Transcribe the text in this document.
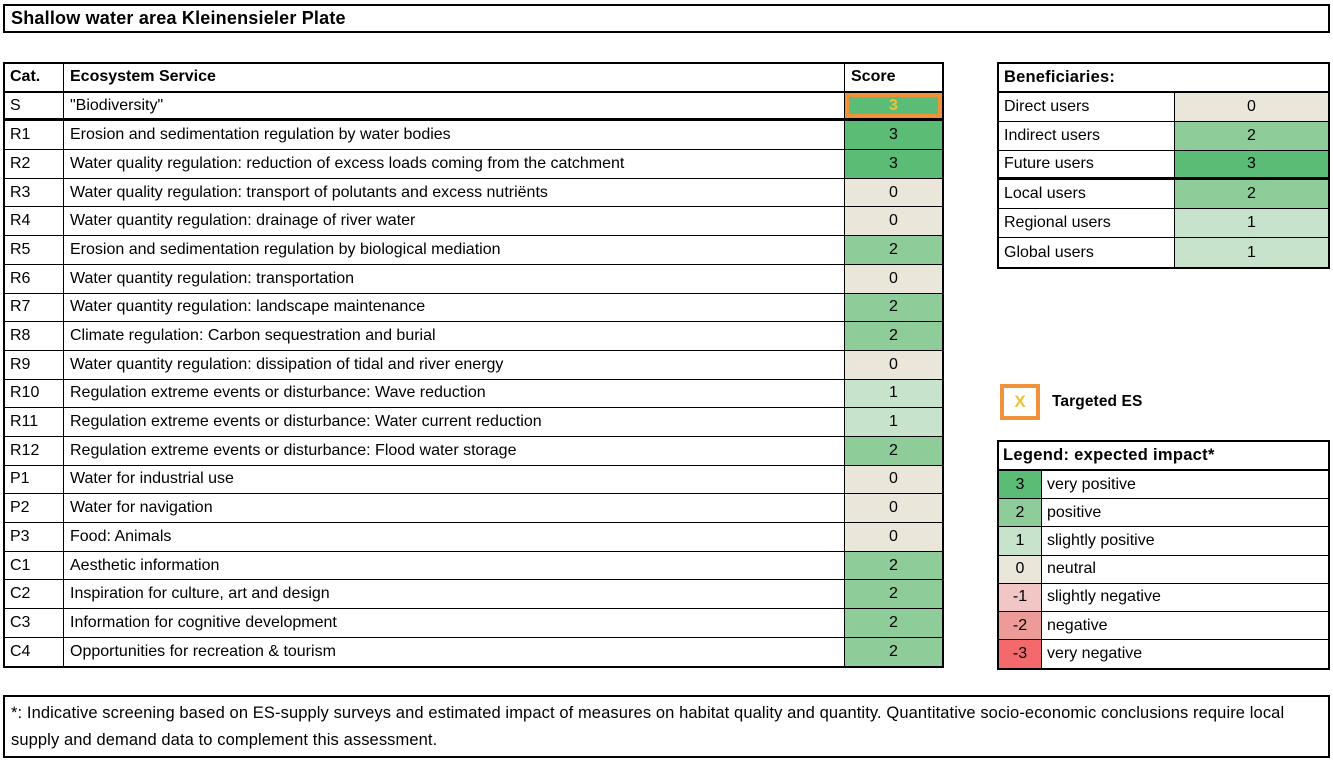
Shallow water area Kleinensieler Plate
Cat.	Ecosystem Service	Score
S	"Biodiversity"	3
R1	Erosion and sedimentation regulation by water bodies	3
R2	Water quality regulation: reduction of excess loads coming from the catchment	3
R3	Water quality regulation: transport of polutants and excess nutriënts	0
R4	Water quantity regulation: drainage of river water	0
R5	Erosion and sedimentation regulation by biological mediation	2
R6	Water quantity regulation: transportation	0
R7	Water quantity regulation: landscape maintenance	2
R8	Climate regulation: Carbon sequestration and burial	2
R9	Water quantity regulation: dissipation of tidal and river energy	0
R10	Regulation extreme events or disturbance: Wave reduction	1
R11	Regulation extreme events or disturbance: Water current reduction	1
R12	Regulation extreme events or disturbance: Flood water storage	2
P1	Water for industrial use	0
P2	Water for navigation	0
P3	Food: Animals	0
C1	Aesthetic information	2
C2	Inspiration for culture, art and design	2
C3	Information for cognitive development	2
C4	Opportunities for recreation & tourism	2
Beneficiaries:
Direct users	0
Indirect users	2
Future users	3
Local users	2
Regional users	1
Global users	1
X Targeted ES
Legend: expected impact*
3	very positive
2	positive
1	slightly positive
0	neutral
-1	slightly negative
-2	negative
-3	very negative
*: Indicative screening based on ES-supply surveys and estimated impact of measures on habitat quality and quantity. Quantitative socio-economic conclusions require local supply and demand data to complement this assessment.
